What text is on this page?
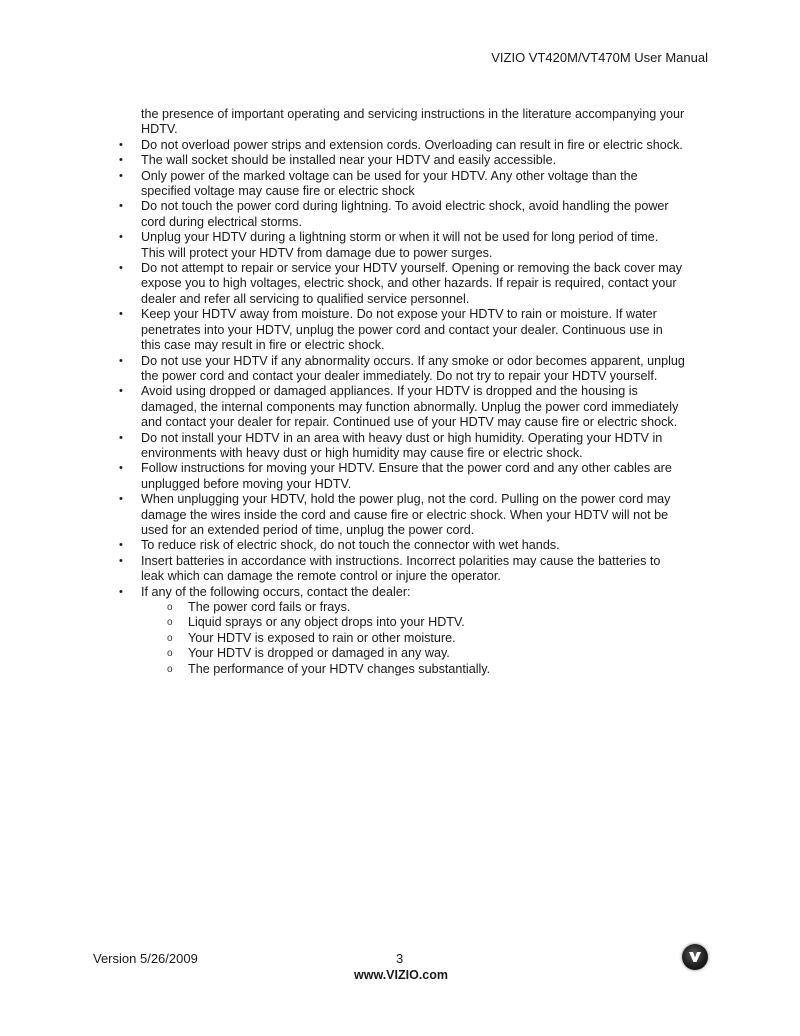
VIZIO VT420M/VT470M User Manual

the presence of important operating and servicing instructions in the literature accompanying your
HDTV.

• Do not overload power strips and extension cords. Overloading can result in fire or electric shock.
• The wall socket should be installed near your HDTV and easily accessible.
• Only power of the marked voltage can be used for your HDTV. Any other voltage than the
specified voltage may cause fire or electric shock
• Do not touch the power cord during lightning. To avoid electric shock, avoid handling the power
cord during electrical storms.
• Unplug your HDTV during a lightning storm or when it will not be used for long period of time.
This will protect your HDTV from damage due to power surges.
• Do not attempt to repair or service your HDTV yourself. Opening or removing the back cover may
expose you to high voltages, electric shock, and other hazards. If repair is required, contact your
dealer and refer all servicing to qualified service personnel.
• Keep your HDTV away from moisture. Do not expose your HDTV to rain or moisture. If water
penetrates into your HDTV, unplug the power cord and contact your dealer. Continuous use in
this case may result in fire or electric shock.
• Do not use your HDTV if any abnormality occurs. If any smoke or odor becomes apparent, unplug
the power cord and contact your dealer immediately. Do not try to repair your HDTV yourself.
• Avoid using dropped or damaged appliances. If your HDTV is dropped and the housing is
damaged, the internal components may function abnormally. Unplug the power cord immediately
and contact your dealer for repair. Continued use of your HDTV may cause fire or electric shock.
• Do not install your HDTV in an area with heavy dust or high humidity. Operating your HDTV in
environments with heavy dust or high humidity may cause fire or electric shock.
• Follow instructions for moving your HDTV. Ensure that the power cord and any other cables are
unplugged before moving your HDTV.
• When unplugging your HDTV, hold the power plug, not the cord. Pulling on the power cord may
damage the wires inside the cord and cause fire or electric shock. When your HDTV will not be
used for an extended period of time, unplug the power cord.
• To reduce risk of electric shock, do not touch the connector with wet hands.
• Insert batteries in accordance with instructions. Incorrect polarities may cause the batteries to
leak which can damage the remote control or injure the operator.
• If any of the following occurs, contact the dealer:
o The power cord fails or frays.
o Liquid sprays or any object drops into your HDTV.
o Your HDTV is exposed to rain or other moisture.
o Your HDTV is dropped or damaged in any way.
o The performance of your HDTV changes substantially.
Version 5/26/2009	3
www.VIZIO.com
